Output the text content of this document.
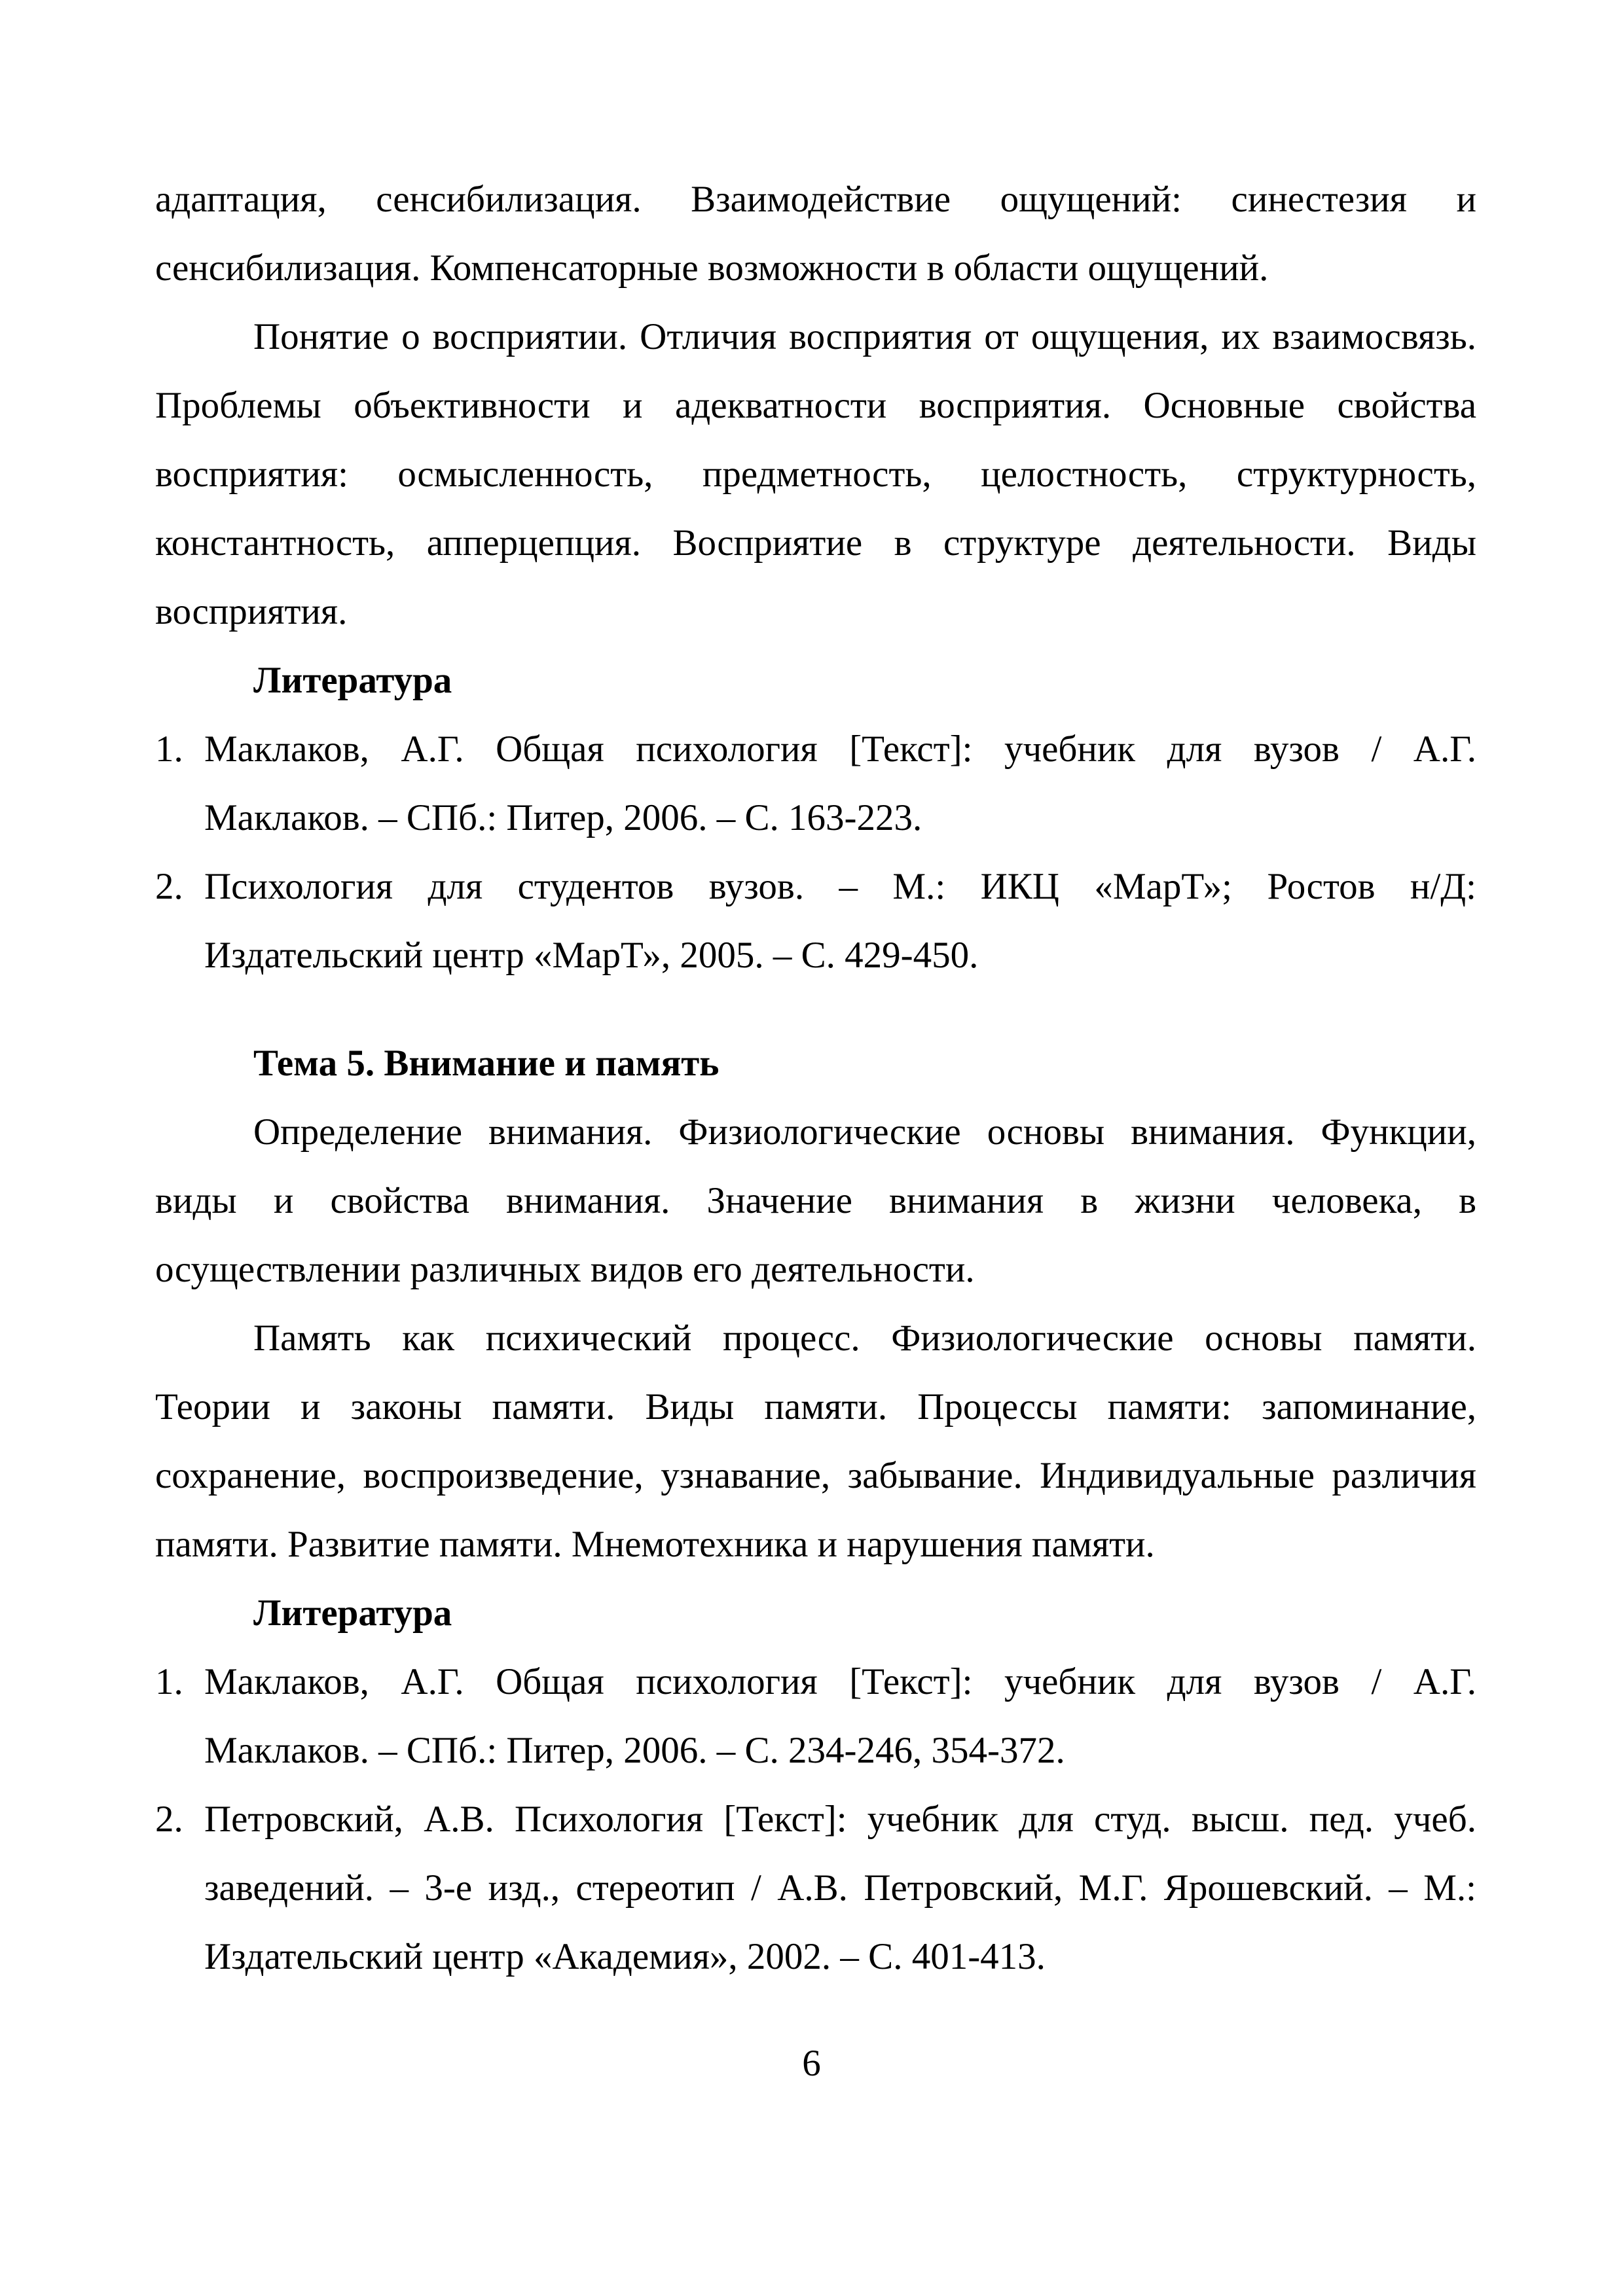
адаптация, сенсибилизация. Взаимодействие ощущений: синестезия и
сенсибилизация. Компенсаторные возможности в области ощущений.
Понятие о восприятии. Отличия восприятия от ощущения, их взаимосвязь.
Проблемы объективности и адекватности восприятия. Основные свойства
восприятия: осмысленность, предметность, целостность, структурность,
константность, апперцепция. Восприятие в структуре деятельности. Виды
восприятия.
Литература
1. Маклаков, А.Г. Общая психология [Текст]: учебник для вузов / А.Г.
Маклаков. – СПб.: Питер, 2006. – С. 163-223.
2. Психология для студентов вузов. – М.: ИКЦ «МарТ»; Ростов н/Д:
Издательский центр «МарТ», 2005. – С. 429-450.
Тема 5. Внимание и память
Определение внимания. Физиологические основы внимания. Функции,
виды и свойства внимания. Значение внимания в жизни человека, в
осуществлении различных видов его деятельности.
Память как психический процесс. Физиологические основы памяти.
Теории и законы памяти. Виды памяти. Процессы памяти: запоминание,
сохранение, воспроизведение, узнавание, забывание. Индивидуальные различия
памяти. Развитие памяти. Мнемотехника и нарушения памяти.
Литература
1. Маклаков, А.Г. Общая психология [Текст]: учебник для вузов / А.Г.
Маклаков. – СПб.: Питер, 2006. – С. 234-246, 354-372.
2. Петровский, А.В. Психология [Текст]: учебник для студ. высш. пед. учеб.
заведений. – 3-е изд., стереотип / А.В. Петровский, М.Г. Ярошевский. – М.:
Издательский центр «Академия», 2002. – С. 401-413.
6
